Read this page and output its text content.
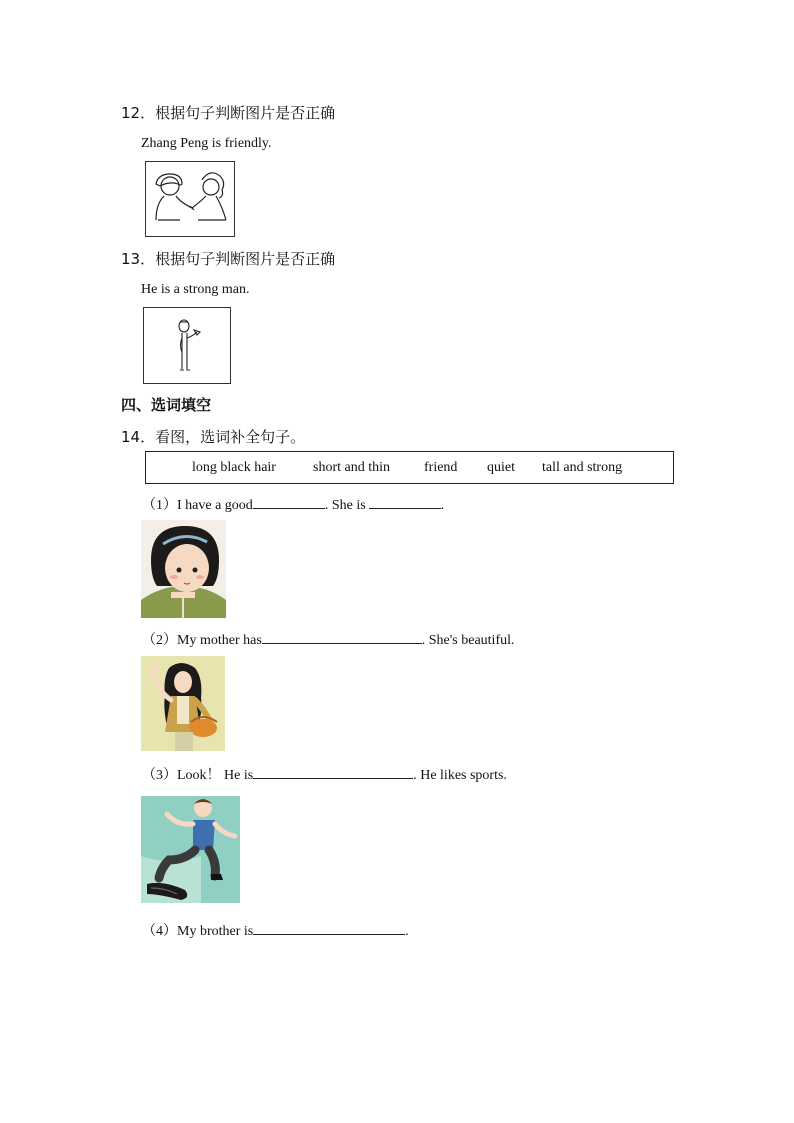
12．根据句子判断图片是否正确
Zhang Peng is friendly.
13．根据句子判断图片是否正确
He is a strong man.
四、选词填空
14．看图，选词补全句子。
long black hair	short and thin friend quiet tall and strong
（1）I have a good	. She is	.
（2）My mother has	. She's beautiful.
（3）Look！ He is	. He likes sports.
（4）My brother is	.
